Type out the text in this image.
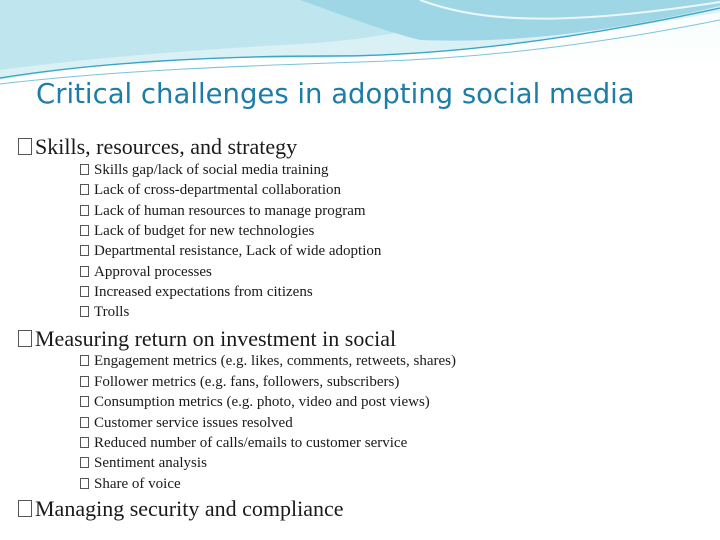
Critical challenges in adopting social media
Skills, resources, and strategy
Skills gap/lack of social media training
Lack of cross-departmental collaboration
Lack of human resources to manage program
Lack of budget for new technologies
Departmental resistance, Lack of wide adoption
Approval processes
Increased expectations from citizens
Trolls
Measuring return on investment in social
Engagement metrics (e.g. likes, comments, retweets, shares)
Follower metrics (e.g. fans, followers, subscribers)
Consumption metrics (e.g. photo, video and post views)
Customer service issues resolved
Reduced number of calls/emails to customer service
Sentiment analysis
Share of voice
Managing security and compliance
